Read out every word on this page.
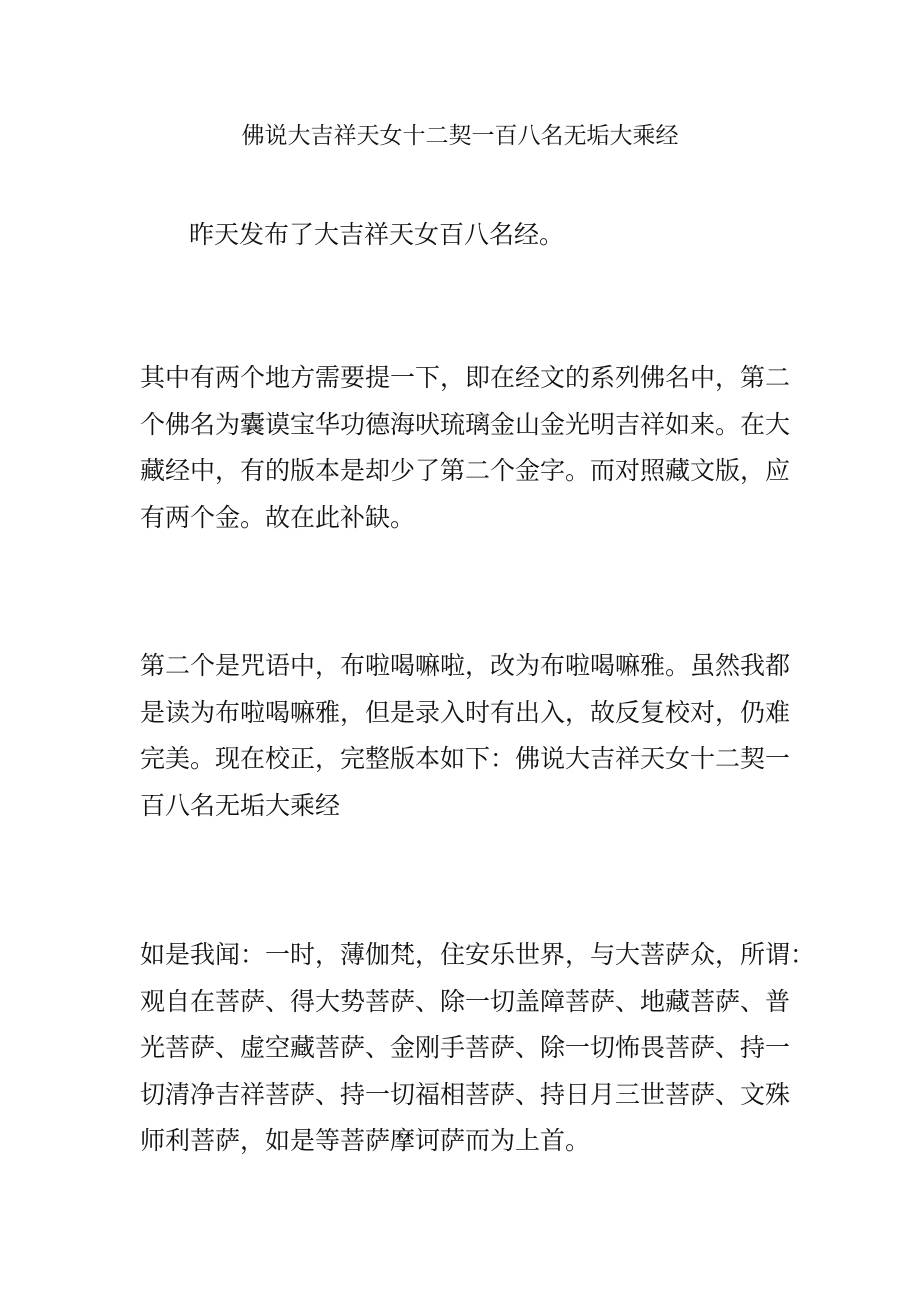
佛说大吉祥天女十二契一百八名无垢大乘经
昨天发布了大吉祥天女百八名经。
其中有两个地方需要提一下，即在经文的系列佛名中，第二
个佛名为囊谟宝华功德海吠琉璃金山金光明吉祥如来。在大
藏经中，有的版本是却少了第二个金字。而对照藏文版，应
有两个金。故在此补缺。
第二个是咒语中，布啦喝嘛啦，改为布啦喝嘛雅。虽然我都
是读为布啦喝嘛雅，但是录入时有出入，故反复校对，仍难
完美。现在校正，完整版本如下：佛说大吉祥天女十二契一
百八名无垢大乘经
如是我闻：一时，薄伽梵，住安乐世界，与大菩萨众，所谓：
观自在菩萨、得大势菩萨、除一切盖障菩萨、地藏菩萨、普
光菩萨、虚空藏菩萨、金刚手菩萨、除一切怖畏菩萨、持一
切清净吉祥菩萨、持一切福相菩萨、持日月三世菩萨、文殊
师利菩萨，如是等菩萨摩诃萨而为上首。
